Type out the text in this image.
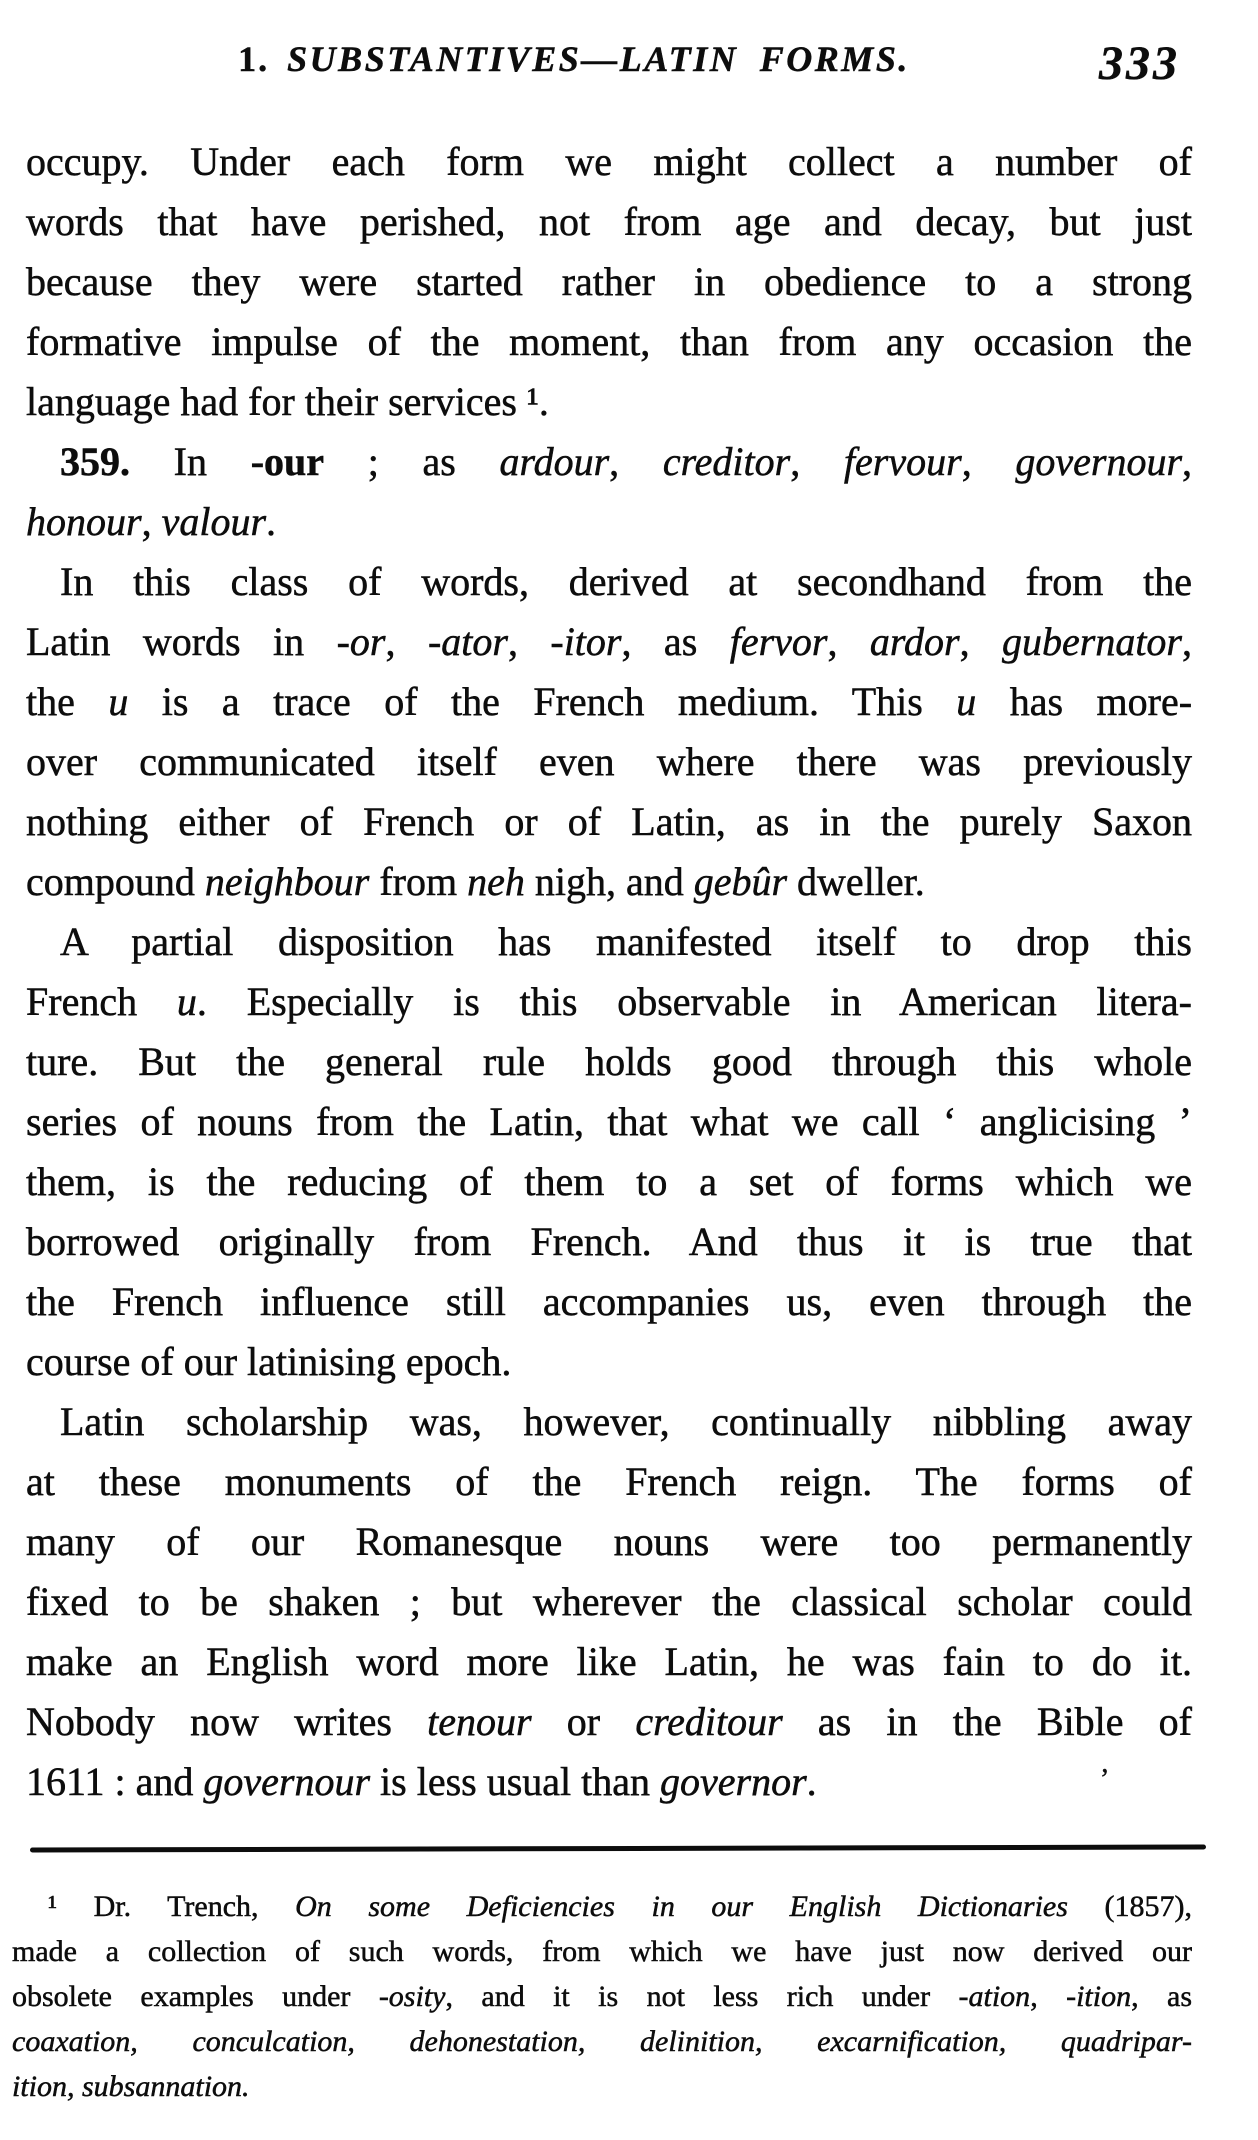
1. SUBSTANTIVES—LATIN FORMS.	333
occupy. Under each form we might collect a number of
words that have perished, not from age and decay, but just
because they were started rather in obedience to a strong
formative impulse of the moment, than from any occasion the
language had for their services ¹.
359. In -our ; as ardour, creditor, fervour, governour,
honour, valour.
In this class of words, derived at secondhand from the
Latin words in -or, -ator, -itor, as fervor, ardor, gubernator,
the u is a trace of the French medium. This u has more-
over communicated itself even where there was previously
nothing either of French or of Latin, as in the purely Saxon
compound neighbour from neh nigh, and gebûr dweller.
A partial disposition has manifested itself to drop this
French u. Especially is this observable in American litera-
ture. But the general rule holds good through this whole
series of nouns from the Latin, that what we call ‘ anglicising ’
them, is the reducing of them to a set of forms which we
borrowed originally from French. And thus it is true that
the French influence still accompanies us, even through the
course of our latinising epoch.
Latin scholarship was, however, continually nibbling away
at these monuments of the French reign. The forms of
many of our Romanesque nouns were too permanently
fixed to be shaken ; but wherever the classical scholar could
make an English word more like Latin, he was fain to do it.
Nobody now writes tenour or creditour as in the Bible of
1611 : and governour is less usual than governor.
¹ Dr. Trench, On some Deficiencies in our English Dictionaries (1857),
made a collection of such words, from which we have just now derived our
obsolete examples under -osity, and it is not less rich under -ation, -ition, as
coaxation, conculcation, dehonestation, delinition, excarnification, quadripar-
ition, subsannation.
’
